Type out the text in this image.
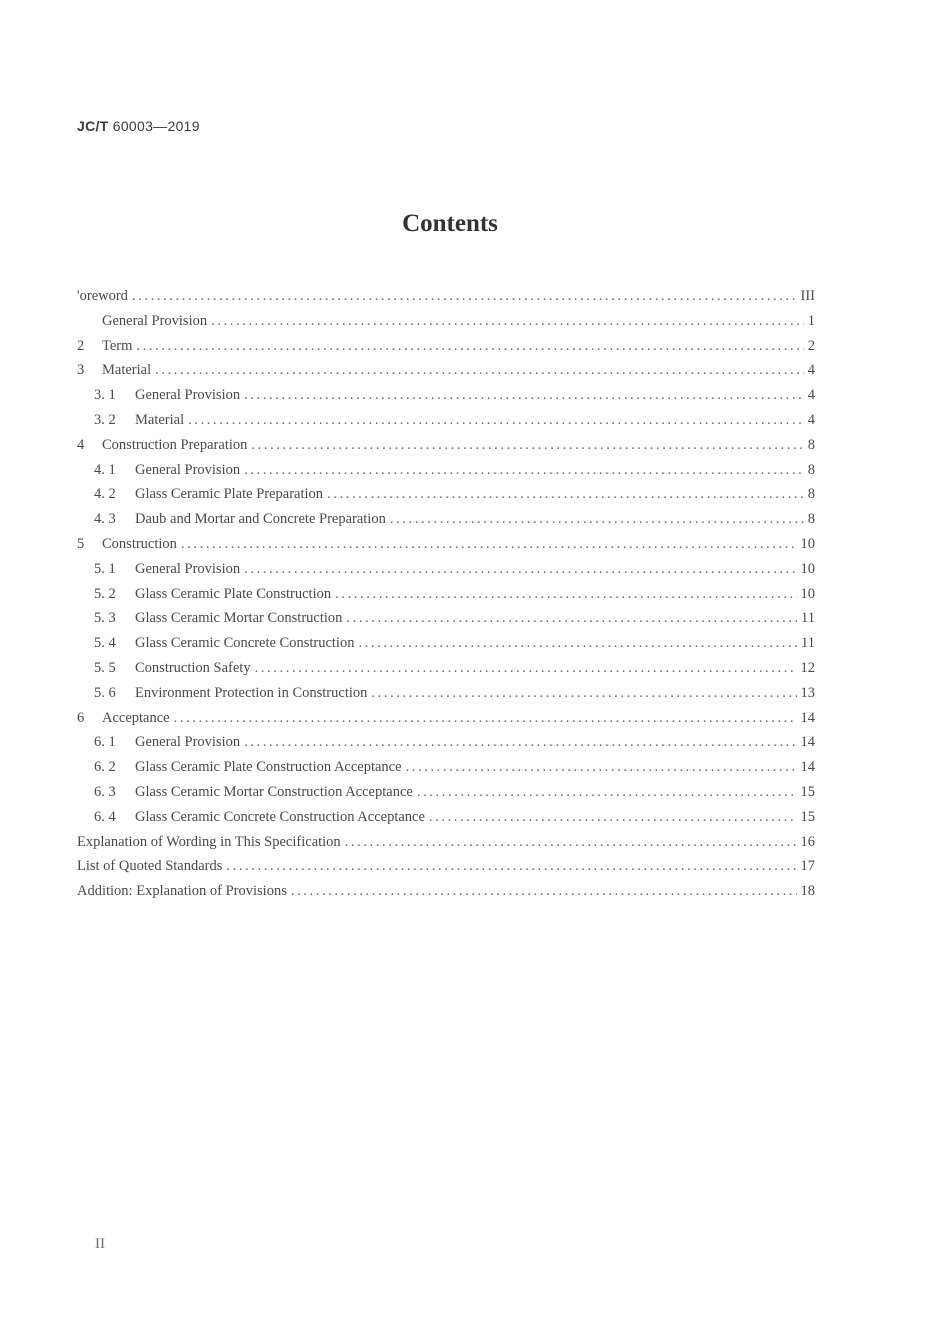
JC/T 60003—2019
Contents
'oreword .....	III
General Provision .....	1
2	Term .....	2
3	Material .....	4
3. 1	General Provision .....	4
3. 2	Material .....	4
4	Construction Preparation .....	8
4. 1	General Provision .....	8
4. 2	Glass Ceramic Plate Preparation .....	8
4. 3	Daub and Mortar and Concrete Preparation .....	8
5	Construction .....	10
5. 1	General Provision .....	10
5. 2	Glass Ceramic Plate Construction .....	10
5. 3	Glass Ceramic Mortar Construction .....	11
5. 4	Glass Ceramic Concrete Construction .....	11
5. 5	Construction Safety .....	12
5. 6	Environment Protection in Construction .....	13
6	Acceptance .....	14
6. 1	General Provision .....	14
6. 2	Glass Ceramic Plate Construction Acceptance .....	14
6. 3	Glass Ceramic Mortar Construction Acceptance .....	15
6. 4	Glass Ceramic Concrete Construction Acceptance .....	15
Explanation of Wording in This Specification .....	16
List of Quoted Standards .....	17
Addition: Explanation of Provisions .....	18
II
